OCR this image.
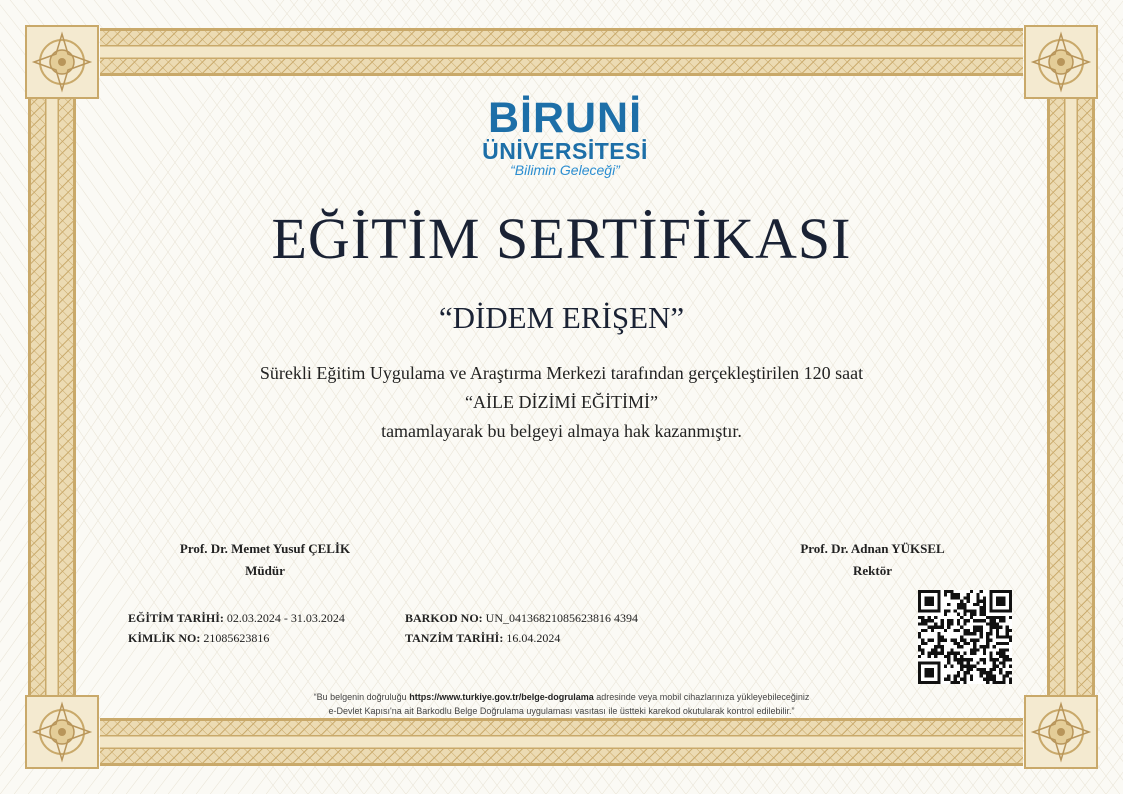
BİRUNİ
ÜNİVERSİTESİ
“Bilimin Geleceği”
EĞİTİM SERTİFİKASI
“DİDEM ERİŞEN”
Sürekli Eğitim Uygulama ve Araştırma Merkezi tarafından gerçekleştirilen 120 saat
“AİLE DİZİMİ EĞİTİMİ”
tamamlayarak bu belgeyi almaya hak kazanmıştır.
Prof. Dr. Memet Yusuf ÇELİK
Müdür
Prof. Dr. Adnan YÜKSEL
Rektör
EĞİTİM TARİHİ: 02.03.2024 - 31.03.2024
KİMLİK NO: 21085623816
BARKOD NO: UN_04136821085623816 4394
TANZİM TARİHİ: 16.04.2024
“Bu belgenin doğruluğu https://www.turkiye.gov.tr/belge-dogrulama adresinde veya mobil cihazlarınıza yükleyebileceğiniz
e-Devlet Kapısı'na ait Barkodlu Belge Doğrulama uygulaması vasıtası ile üstteki karekod okutularak kontrol edilebilir.”
